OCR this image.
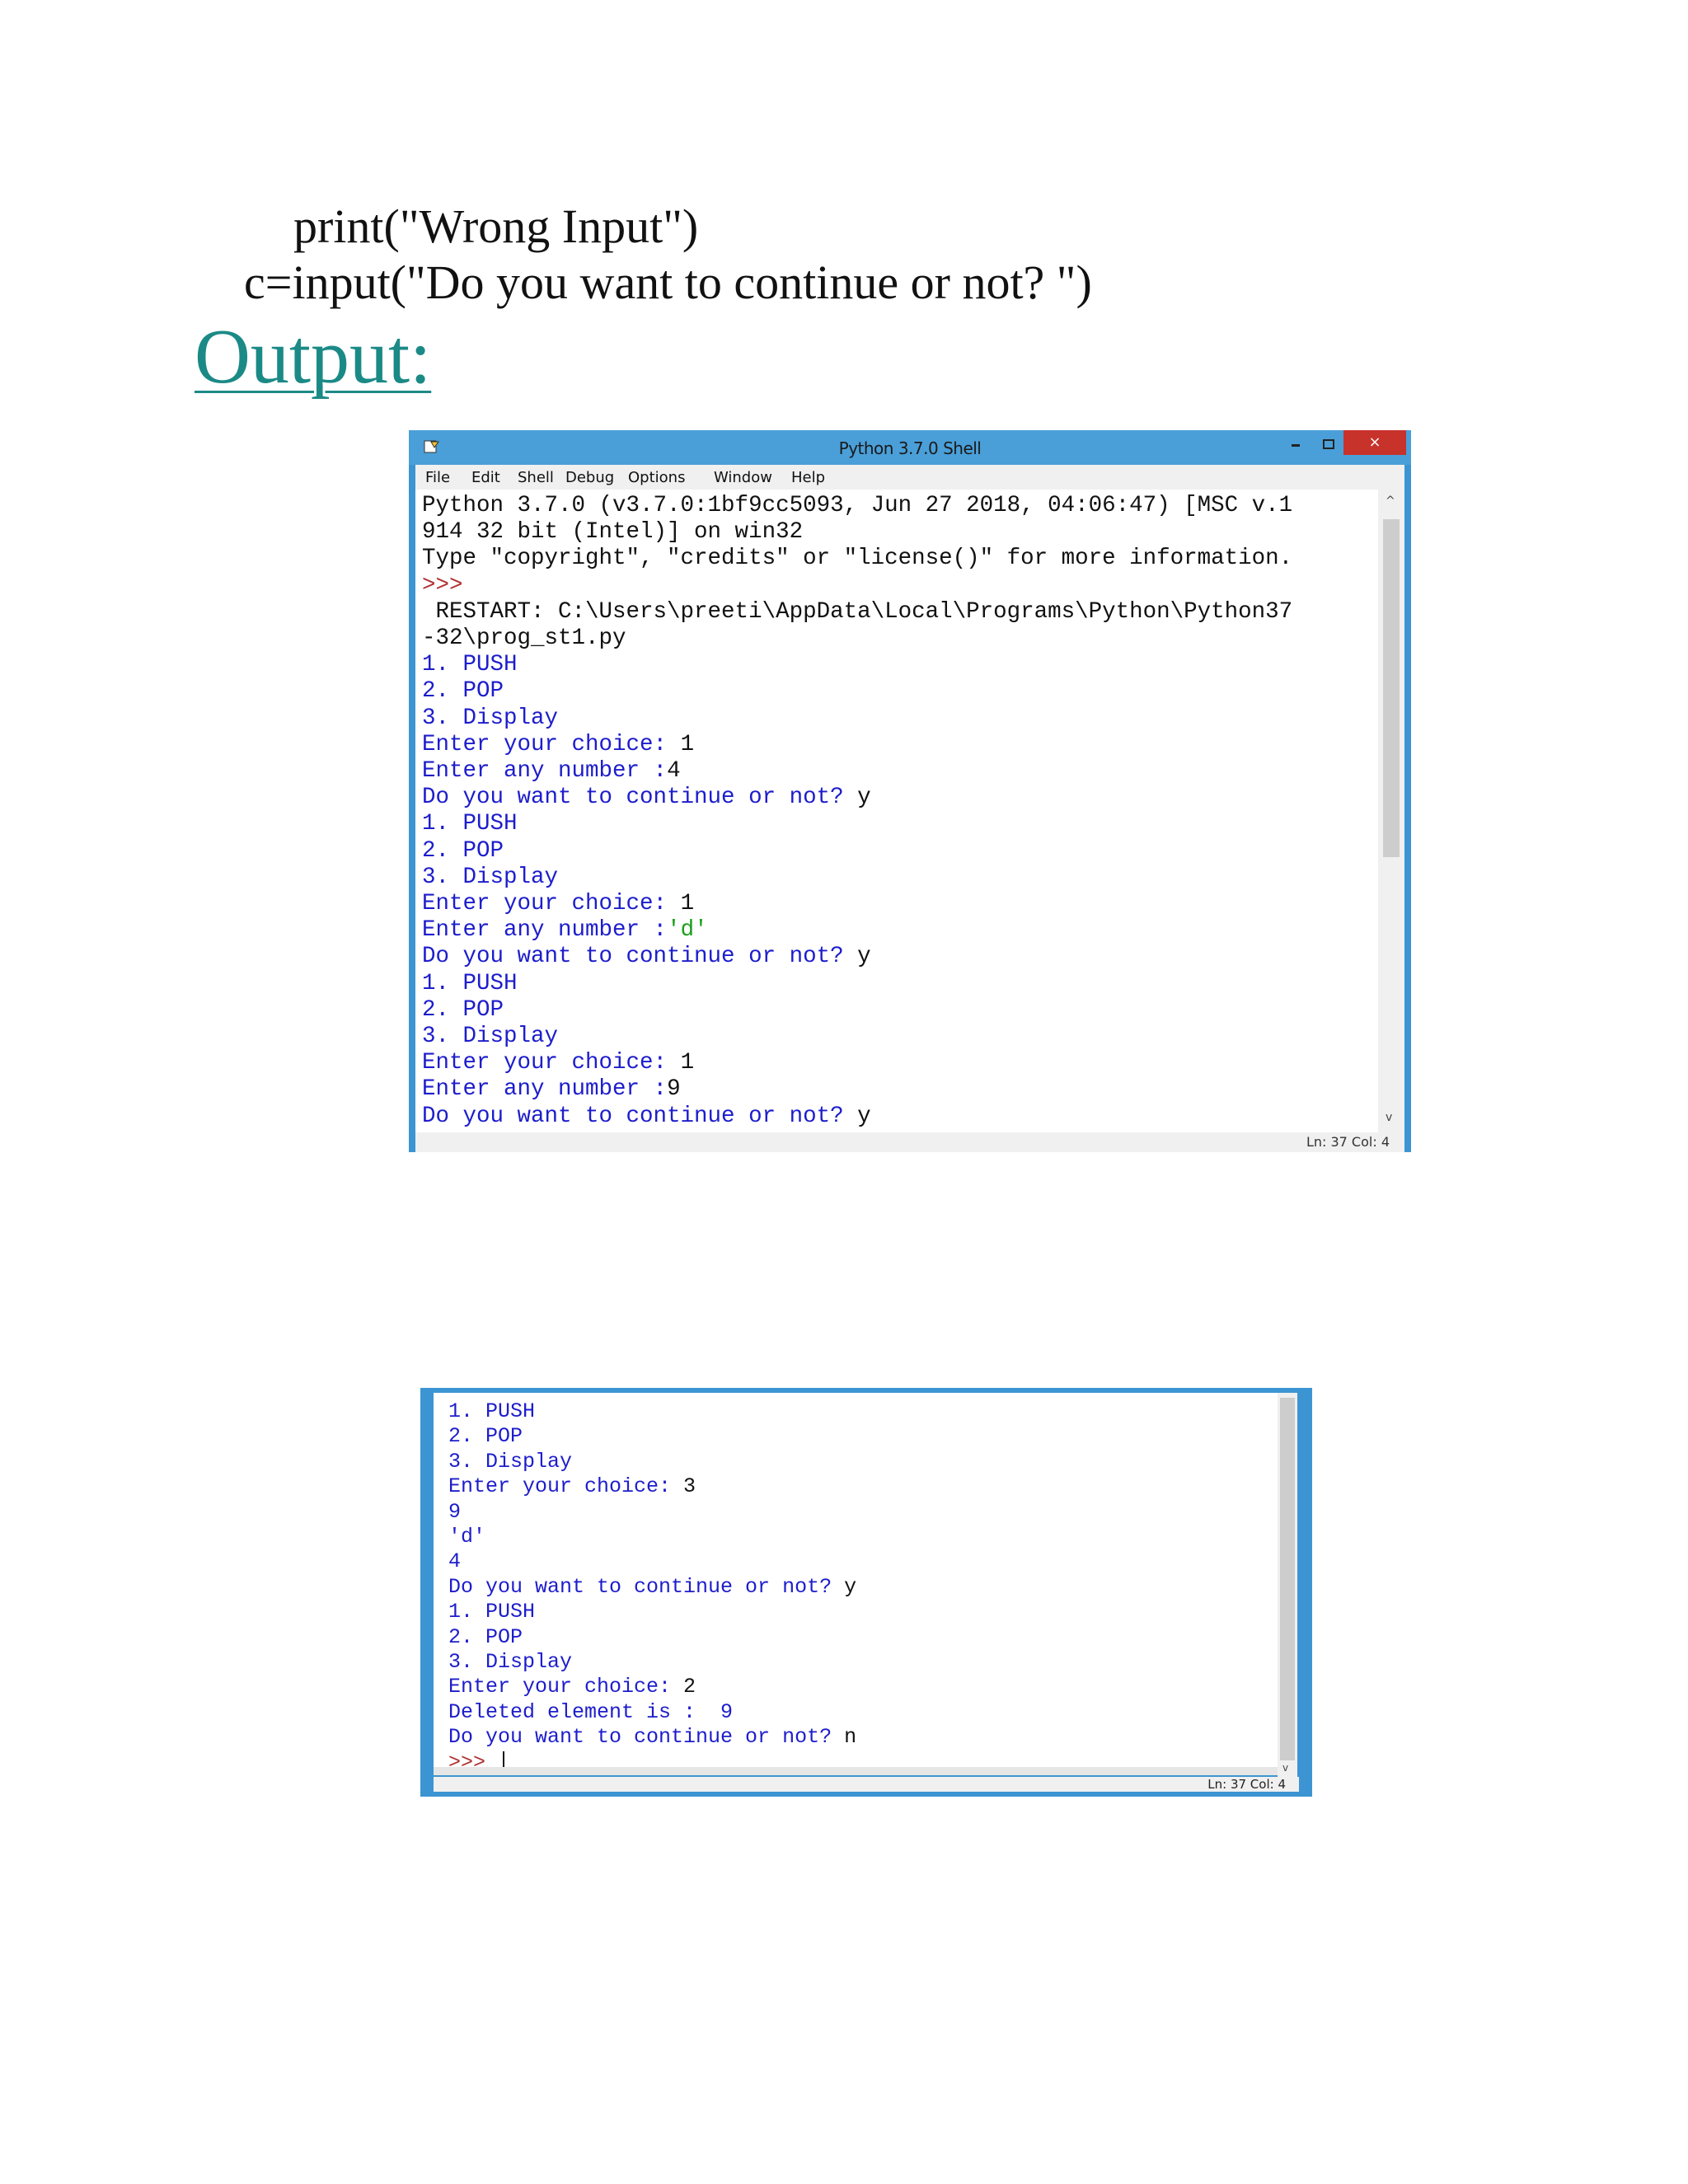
print("Wrong Input")
c=input("Do you want to continue or not? ")
Output:
Python 3.7.0 Shell	×
File Edit Shell Debug Options Window Help
Python 3.7.0 (v3.7.0:1bf9cc5093, Jun 27 2018, 04:06:47) [MSC v.1
914 32 bit (Intel)] on win32
Type "copyright", "credits" or "license()" for more information.
>>>
RESTART: C:\Users\preeti\AppData\Local\Programs\Python\Python37
-32\prog_st1.py
1. PUSH
2. POP
3. Display
Enter your choice: 1
Enter any number :4
Do you want to continue or not? y
1. PUSH
2. POP
3. Display
Enter your choice: 1
Enter any number :'d'
Do you want to continue or not? y
1. PUSH
2. POP
3. Display
Enter your choice: 1
Enter any number :9
Do you want to continue or not? y
^
v
Ln: 37 Col: 4
1. PUSH
2. POP
3. Display
Enter your choice: 3
9
'd'
4
Do you want to continue or not? y
1. PUSH
2. POP
3. Display
Enter your choice: 2
Deleted element is :  9
Do you want to continue or not? n
>>>	v
Ln: 37 Col: 4
